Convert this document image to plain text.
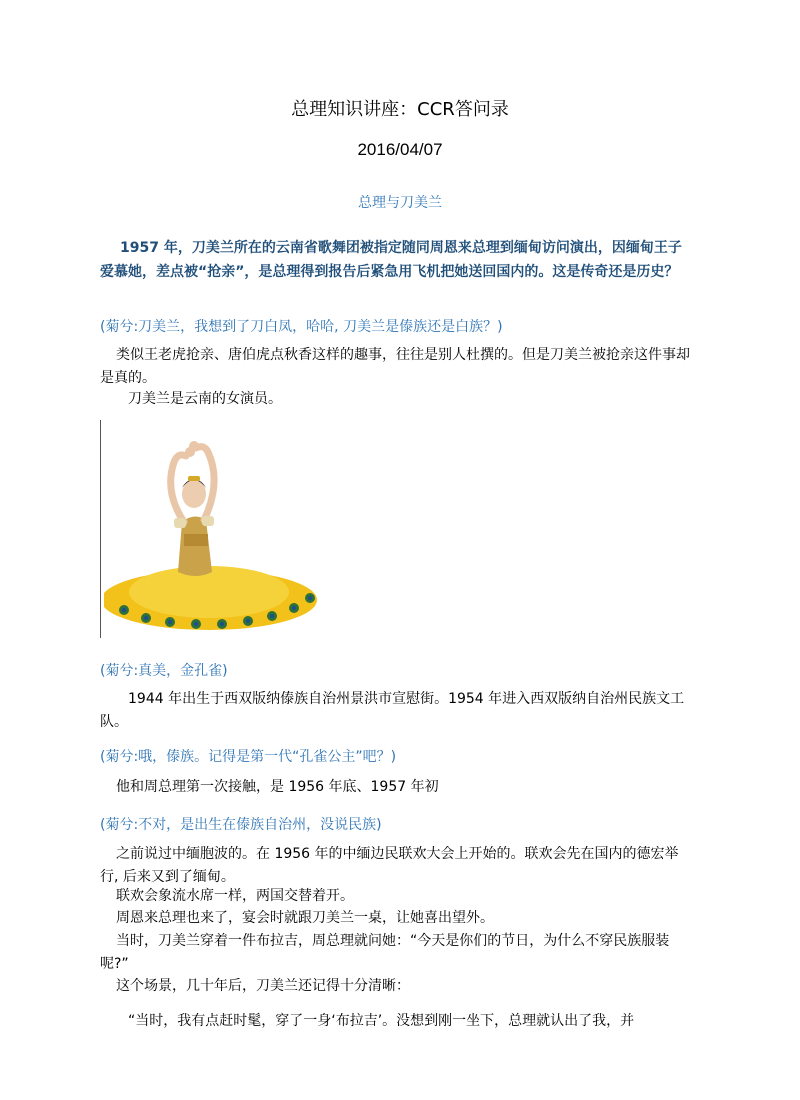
总理知识讲座：CCR答问录
2016/04/07
总理与刀美兰
1957 年，刀美兰所在的云南省歌舞团被指定随同周恩来总理到缅甸访问演出，因缅甸王子爱慕她，差点被“抢亲”，是总理得到报告后紧急用飞机把她送回国内的。这是传奇还是历史？
(菊兮:刀美兰，我想到了刀白凤，哈哈, 刀美兰是傣族还是白族？)
类似王老虎抢亲、唐伯虎点秋香这样的趣事，往往是别人杜撰的。但是刀美兰被抢亲这件事却是真的。
刀美兰是云南的女演员。
(菊兮:真美，金孔雀)
1944 年出生于西双版纳傣族自治州景洪市宣慰街。1954 年进入西双版纳自治州民族文工队。
(菊兮:哦，傣族。记得是第一代“孔雀公主”吧？)
他和周总理第一次接触，是 1956 年底、1957 年初
(菊兮:不对，是出生在傣族自治州，没说民族)
之前说过中缅胞波的。在 1956 年的中缅边民联欢大会上开始的。联欢会先在国内的德宏举行, 后来又到了缅甸。
联欢会象流水席一样，两国交替着开。
周恩来总理也来了，宴会时就跟刀美兰一桌，让她喜出望外。
当时，刀美兰穿着一件布拉吉，周总理就问她：“今天是你们的节日，为什么不穿民族服装呢?”
这个场景，几十年后，刀美兰还记得十分清晰：
“当时，我有点赶时髦，穿了一身‘布拉吉’。没想到刚一坐下，总理就认出了我，并
